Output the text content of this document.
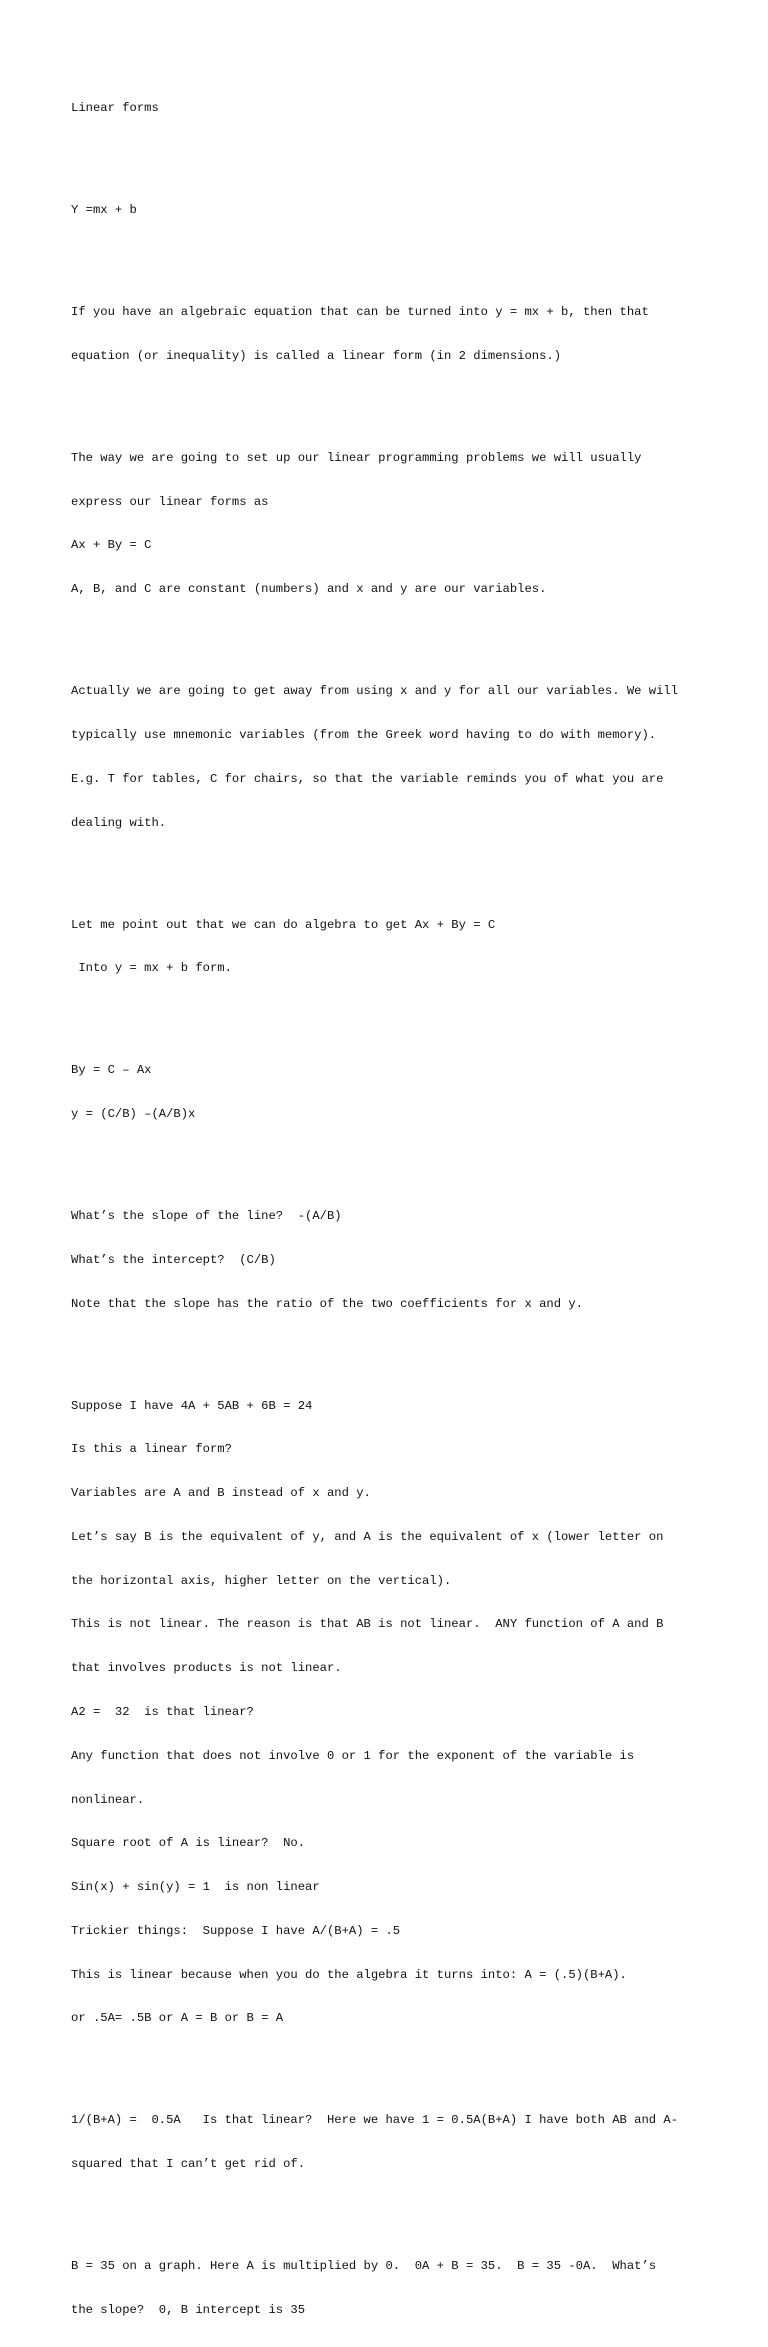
Linear forms

Y =mx + b

If you have an algebraic equation that can be turned into y = mx + b, then that

equation (or inequality) is called a linear form (in 2 dimensions.)

The way we are going to set up our linear programming problems we will usually

express our linear forms as

Ax + By = C

A, B, and C are constant (numbers) and x and y are our variables.

Actually we are going to get away from using x and y for all our variables. We will

typically use mnemonic variables (from the Greek word having to do with memory).

E.g. T for tables, C for chairs, so that the variable reminds you of what you are

dealing with.

Let me point out that we can do algebra to get Ax + By = C

Into y = mx + b form.

By = C – Ax

y = (C/B) –(A/B)x

What’s the slope of the line?  -(A/B)

What’s the intercept?  (C/B)

Note that the slope has the ratio of the two coefficients for x and y.

Suppose I have 4A + 5AB + 6B = 24

Is this a linear form?

Variables are A and B instead of x and y.

Let’s say B is the equivalent of y, and A is the equivalent of x (lower letter on

the horizontal axis, higher letter on the vertical).

This is not linear. The reason is that AB is not linear.  ANY function of A and B

that involves products is not linear.

A2 =  32  is that linear?

Any function that does not involve 0 or 1 for the exponent of the variable is

nonlinear.

Square root of A is linear?  No.

Sin(x) + sin(y) = 1  is non linear

Trickier things:  Suppose I have A/(B+A) = .5

This is linear because when you do the algebra it turns into: A = (.5)(B+A).

or .5A= .5B or A = B or B = A

1/(B+A) =  0.5A   Is that linear?  Here we have 1 = 0.5A(B+A) I have both AB and A-

squared that I can’t get rid of.

B = 35 on a graph. Here A is multiplied by 0.  0A + B = 35.  B = 35 -0A.  What’s

the slope?  0, B intercept is 35
